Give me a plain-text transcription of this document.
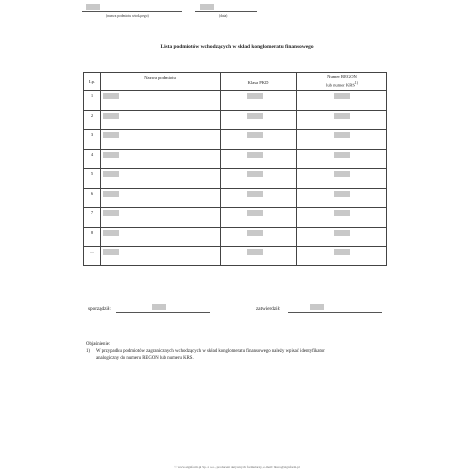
(nazwa podmiotu wiodącego)	(data)
Lista podmiotów wchodzących w skład konglomeratu finansowego
Lp.
Nazwa podmiotu
Klasa PKD
Numer REGON
lub numer KRS$^{1)}$
1
2
3
4
5
6
7
8
....
sporządził:	zatwierdził:
Objaśnienie:
1) W przypadku podmiotów zagranicznych wchodzących w skład konglomeratu finansowego należy wpisać identyfikator
analogiczny do numeru REGON lub numeru KRS.
© www.signform.pl Sp. z o.o., producent aktywnych formularzy, e-mail: biuro@signform.pl
